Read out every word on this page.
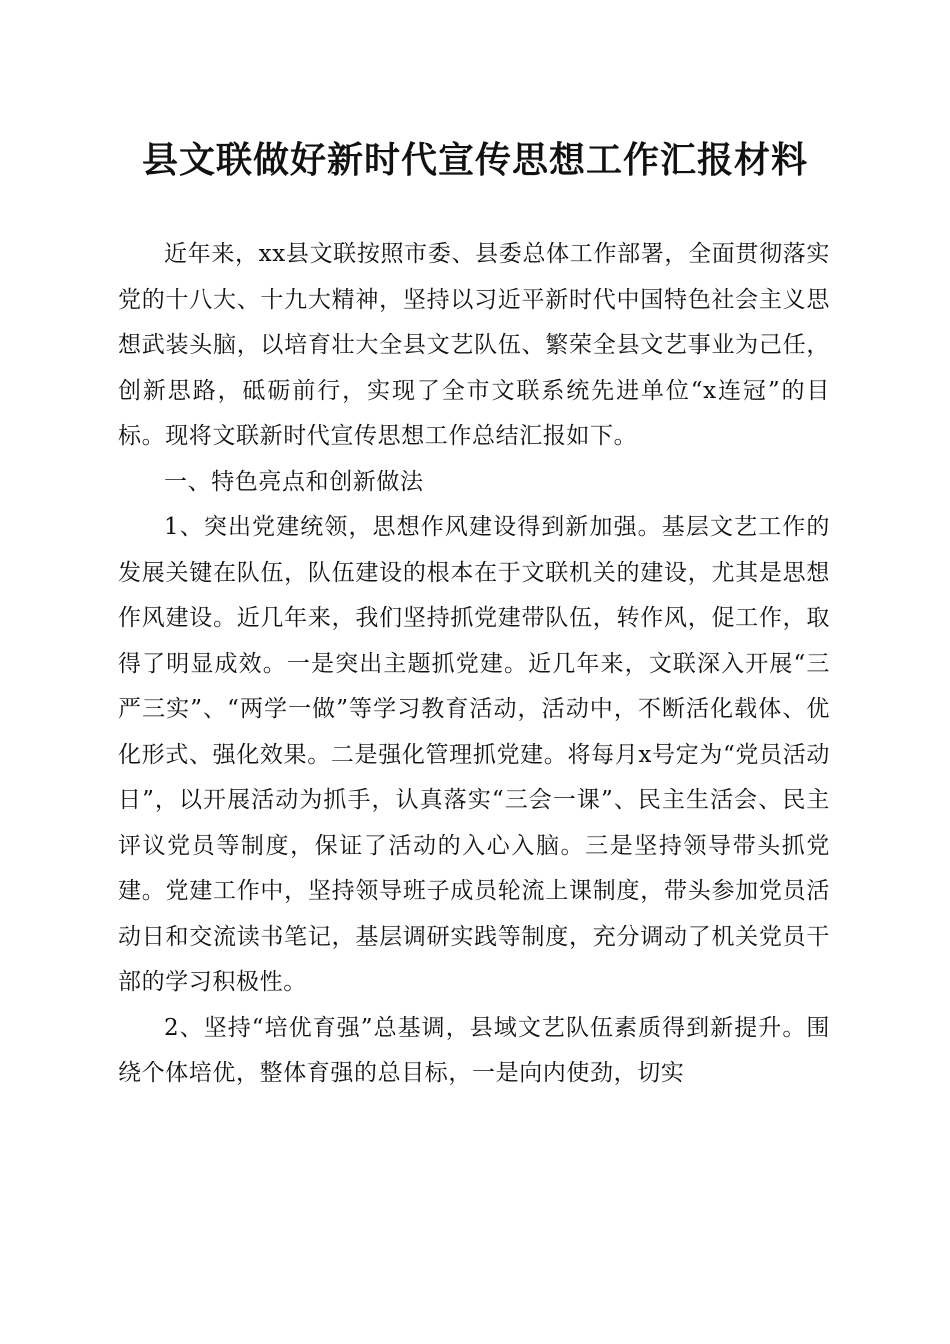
县文联做好新时代宣传思想工作汇报材料

近年来，xx县文联按照市委、县委总体工作部署，全面贯彻落实党的十八大、十九大精神，坚持以习近平新时代中国特色社会主义思想武装头脑，以培育壮大全县文艺队伍、繁荣全县文艺事业为己任，创新思路，砥砺前行，实现了全市文联系统先进单位“x连冠”的目标。现将文联新时代宣传思想工作总结汇报如下。

一、特色亮点和创新做法

1、突出党建统领，思想作风建设得到新加强。基层文艺工作的发展关键在队伍，队伍建设的根本在于文联机关的建设，尤其是思想作风建设。近几年来，我们坚持抓党建带队伍，转作风，促工作，取得了明显成效。一是突出主题抓党建。近几年来，文联深入开展“三严三实”、“两学一做”等学习教育活动，活动中，不断活化载体、优化形式、强化效果。二是强化管理抓党建。将每月x号定为“党员活动日”，以开展活动为抓手，认真落实“三会一课”、民主生活会、民主评议党员等制度，保证了活动的入心入脑。三是坚持领导带头抓党建。党建工作中，坚持领导班子成员轮流上课制度，带头参加党员活动日和交流读书笔记，基层调研实践等制度，充分调动了机关党员干部的学习积极性。

2、坚持“培优育强”总基调，县域文艺队伍素质得到新提升。围绕个体培优，整体育强的总目标，一是向内使劲，切实
